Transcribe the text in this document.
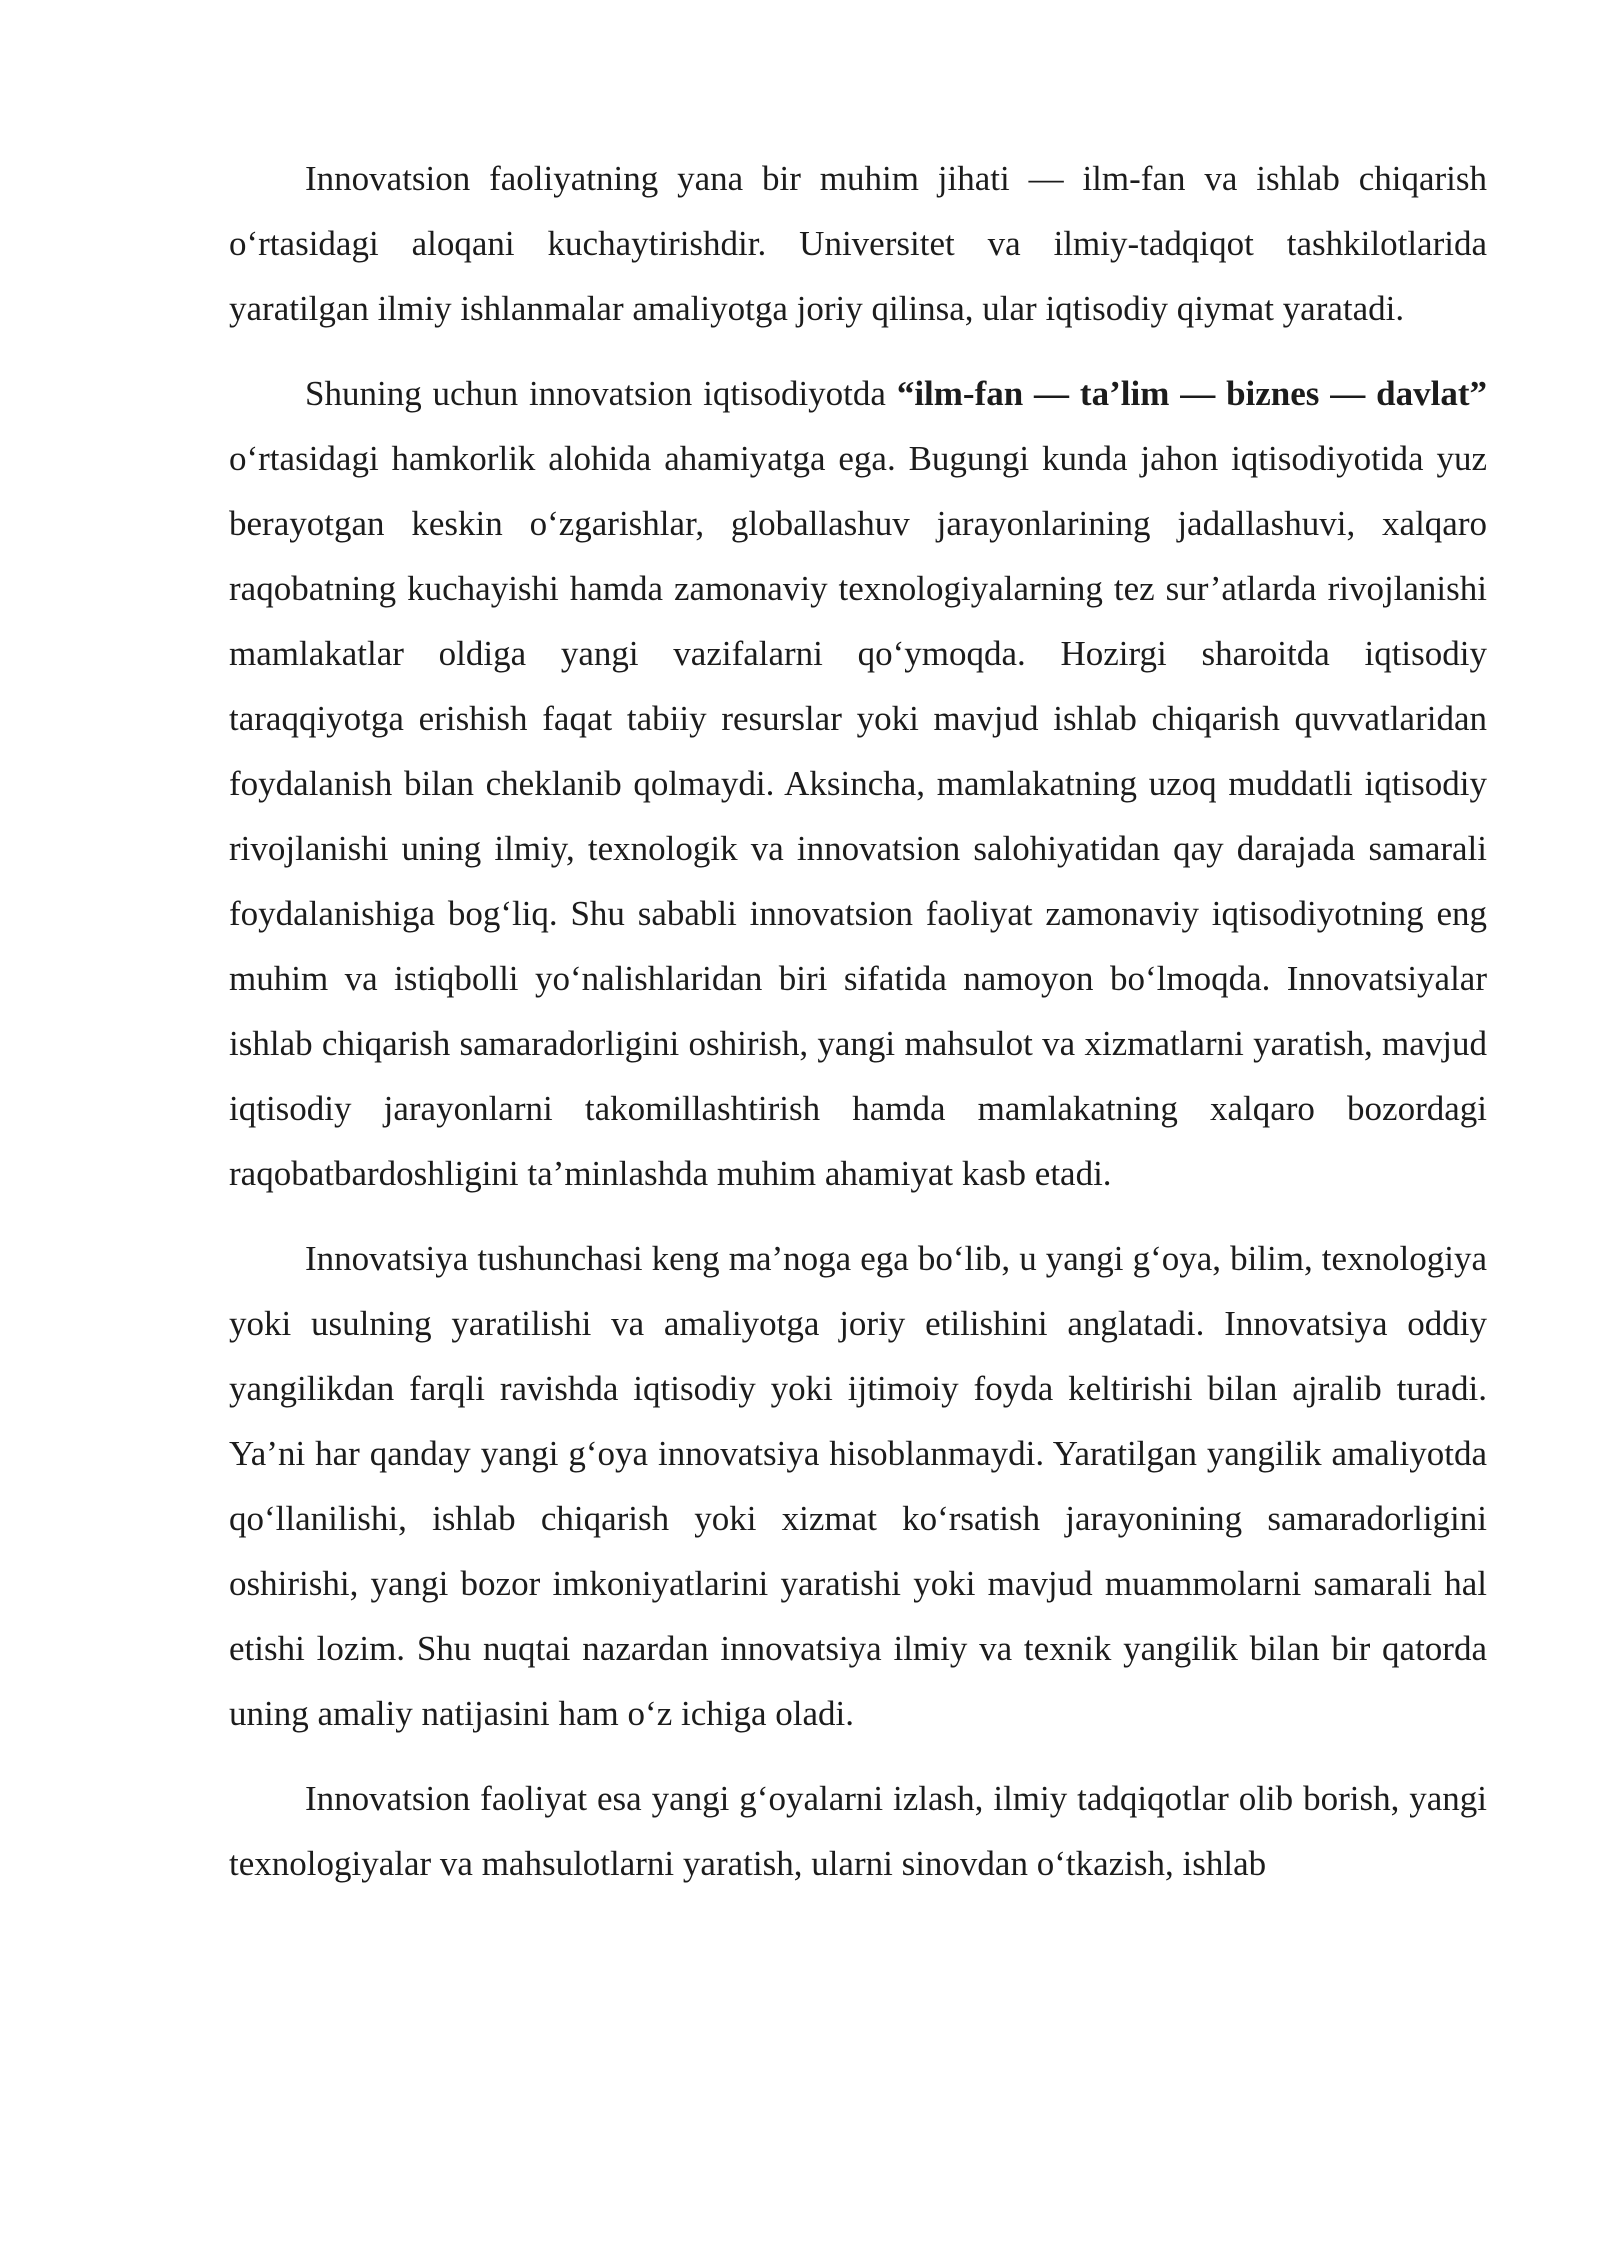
Innovatsion faoliyatning yana bir muhim jihati — ilm-fan va ishlab chiqarish o‘rtasidagi aloqani kuchaytirishdir. Universitet va ilmiy-tadqiqot tashkilotlarida yaratilgan ilmiy ishlanmalar amaliyotga joriy qilinsa, ular iqtisodiy qiymat yaratadi.

Shuning uchun innovatsion iqtisodiyotda “ilm-fan — ta’lim — biznes — davlat” o‘rtasidagi hamkorlik alohida ahamiyatga ega. Bugungi kunda jahon iqtisodiyotida yuz berayotgan keskin o‘zgarishlar, globallashuv jarayonlarining jadallashuvi, xalqaro raqobatning kuchayishi hamda zamonaviy texnologiyalarning tez sur’atlarda rivojlanishi mamlakatlar oldiga yangi vazifalarni qo‘ymoqda. Hozirgi sharoitda iqtisodiy taraqqiyotga erishish faqat tabiiy resurslar yoki mavjud ishlab chiqarish quvvatlaridan foydalanish bilan cheklanib qolmaydi. Aksincha, mamlakatning uzoq muddatli iqtisodiy rivojlanishi uning ilmiy, texnologik va innovatsion salohiyatidan qay darajada samarali foydalanishiga bog‘liq. Shu sababli innovatsion faoliyat zamonaviy iqtisodiyotning eng muhim va istiqbolli yo‘nalishlaridan biri sifatida namoyon bo‘lmoqda. Innovatsiyalar ishlab chiqarish samaradorligini oshirish, yangi mahsulot va xizmatlarni yaratish, mavjud iqtisodiy jarayonlarni takomillashtirish hamda mamlakatning xalqaro bozordagi raqobatbardoshligini ta’minlashda muhim ahamiyat kasb etadi.

Innovatsiya tushunchasi keng ma’noga ega bo‘lib, u yangi g‘oya, bilim, texnologiya yoki usulning yaratilishi va amaliyotga joriy etilishini anglatadi. Innovatsiya oddiy yangilikdan farqli ravishda iqtisodiy yoki ijtimoiy foyda keltirishi bilan ajralib turadi. Ya’ni har qanday yangi g‘oya innovatsiya hisoblanmaydi. Yaratilgan yangilik amaliyotda qo‘llanilishi, ishlab chiqarish yoki xizmat ko‘rsatish jarayonining samaradorligini oshirishi, yangi bozor imkoniyatlarini yaratishi yoki mavjud muammolarni samarali hal etishi lozim. Shu nuqtai nazardan innovatsiya ilmiy va texnik yangilik bilan bir qatorda uning amaliy natijasini ham o‘z ichiga oladi.

Innovatsion faoliyat esa yangi g‘oyalarni izlash, ilmiy tadqiqotlar olib borish, yangi texnologiyalar va mahsulotlarni yaratish, ularni sinovdan o‘tkazish, ishlab
